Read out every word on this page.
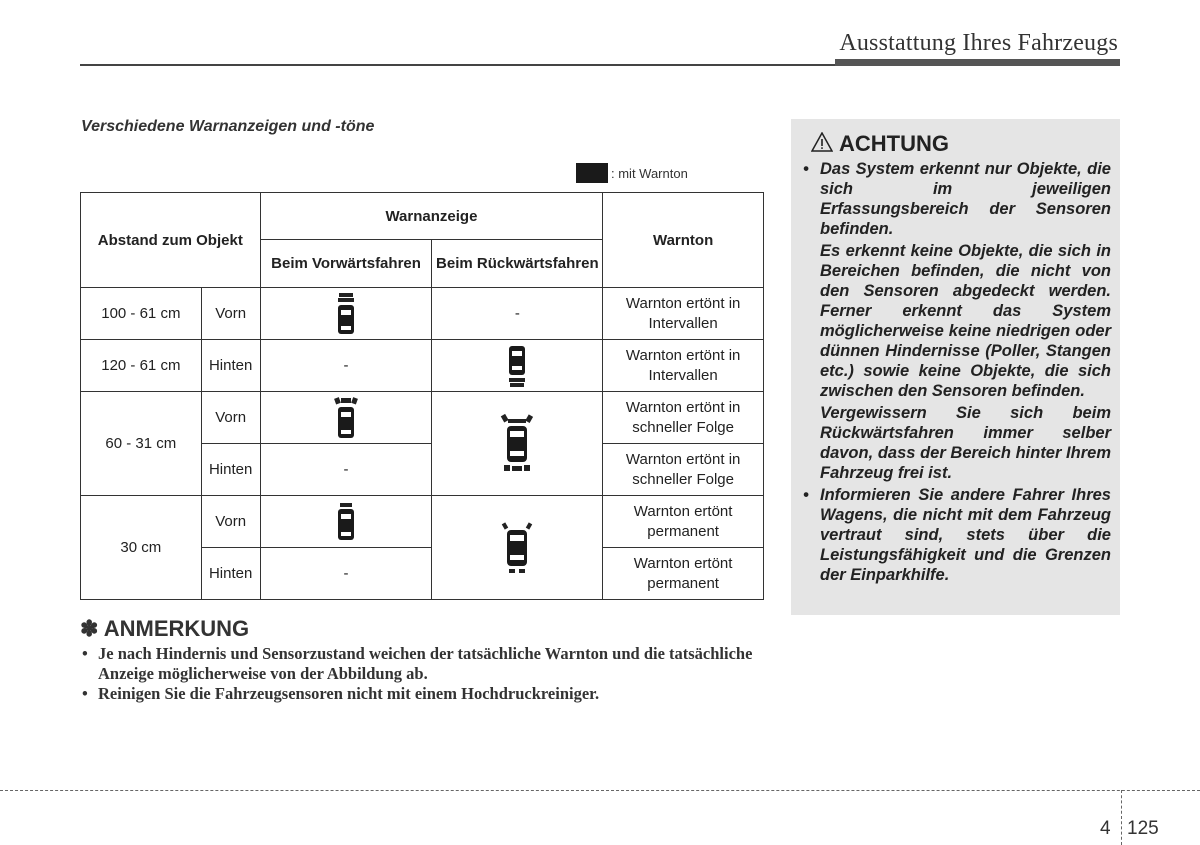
Ausstattung Ihres Fahrzeugs
Verschiedene Warnanzeigen und -töne
: mit Warnton
Abstand zum Objekt		Warnanzeige		Warnton
		Beim Vorwärtsfahren	Beim Rückwärtsfahren	
100 - 61 cm	Vorn		-	Warnton ertönt in Intervallen
120 - 61 cm	Hinten	-		Warnton ertönt in Intervallen
60 - 31 cm	Vorn			Warnton ertönt in schneller Folge
	Hinten	-		Warnton ertönt in schneller Folge
30 cm	Vorn			Warnton ertönt permanent
	Hinten	-		Warnton ertönt permanent
✽ ANMERKUNG
• Je nach Hindernis und Sensorzustand weichen der tatsächliche Warnton und die tatsächliche Anzeige möglicherweise von der Abbildung ab.
• Reinigen Sie die Fahrzeugsensoren nicht mit einem Hochdruckreiniger.
ACHTUNG

• Das System erkennt nur Objekte, die sich im jeweiligen Erfassungsbereich der Sensoren befinden.

Es erkennt keine Objekte, die sich in Bereichen befinden, die nicht von den Sensoren abgedeckt werden. Ferner erkennt das System möglicherweise keine niedrigen oder dünnen Hindernisse (Poller, Stangen etc.) sowie keine Objekte, die sich zwischen den Sensoren befinden.

Vergewissern Sie sich beim Rückwärtsfahren immer selber davon, dass der Bereich hinter Ihrem Fahrzeug frei ist.

• Informieren Sie andere Fahrer Ihres Wagens, die nicht mit dem Fahrzeug vertraut sind, stets über die Leistungsfähigkeit und die Grenzen der Einparkhilfe.

4 125
